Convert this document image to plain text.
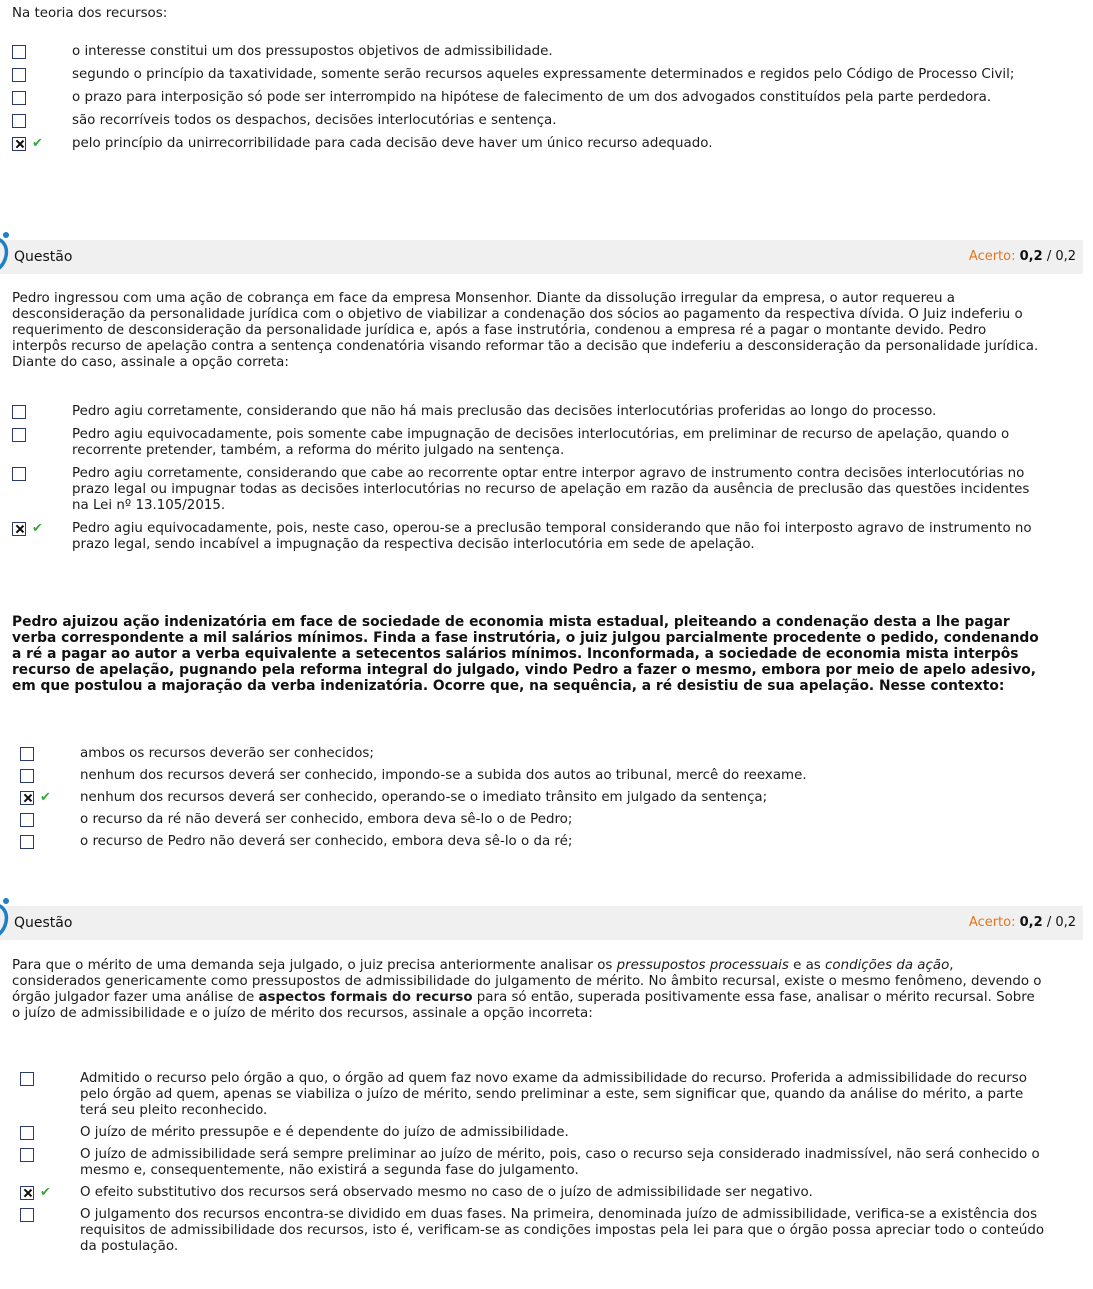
Na teoria dos recursos:
o interesse constitui um dos pressupostos objetivos de admissibilidade.
segundo o princípio da taxatividade, somente serão recursos aqueles expressamente determinados e regidos pelo Código de Processo Civil;
o prazo para interposição só pode ser interrompido na hipótese de falecimento de um dos advogados constituídos pela parte perdedora.
são recorríveis todos os despachos, decisões interlocutórias e sentença.
✔ pelo princípio da unirrecorribilidade para cada decisão deve haver um único recurso adequado.
Questão	Acerto: 0,2 / 0,2
Pedro ingressou com uma ação de cobrança em face da empresa Monsenhor. Diante da dissolução irregular da empresa, o autor requereu a desconsideração da personalidade jurídica com o objetivo de viabilizar a condenação dos sócios ao pagamento da respectiva dívida. O Juiz indeferiu o requerimento de desconsideração da personalidade jurídica e, após a fase instrutória, condenou a empresa ré a pagar o montante devido. Pedro interpôs recurso de apelação contra a sentença condenatória visando reformar tão a decisão que indeferiu a desconsideração da personalidade jurídica. Diante do caso, assinale a opção correta:
Pedro agiu corretamente, considerando que não há mais preclusão das decisões interlocutórias proferidas ao longo do processo.
Pedro agiu equivocadamente, pois somente cabe impugnação de decisões interlocutórias, em preliminar de recurso de apelação, quando o recorrente pretender, também, a reforma do mérito julgado na sentença.
Pedro agiu corretamente, considerando que cabe ao recorrente optar entre interpor agravo de instrumento contra decisões interlocutórias no prazo legal ou impugnar todas as decisões interlocutórias no recurso de apelação em razão da ausência de preclusão das questões incidentes na Lei nº 13.105/2015.
✔ Pedro agiu equivocadamente, pois, neste caso, operou-se a preclusão temporal considerando que não foi interposto agravo de instrumento no prazo legal, sendo incabível a impugnação da respectiva decisão interlocutória em sede de apelação.
Pedro ajuizou ação indenizatória em face de sociedade de economia mista estadual, pleiteando a condenação desta a lhe pagar verba correspondente a mil salários mínimos. Finda a fase instrutória, o juiz julgou parcialmente procedente o pedido, condenando a ré a pagar ao autor a verba equivalente a setecentos salários mínimos. Inconformada, a sociedade de economia mista interpôs recurso de apelação, pugnando pela reforma integral do julgado, vindo Pedro a fazer o mesmo, embora por meio de apelo adesivo, em que postulou a majoração da verba indenizatória. Ocorre que, na sequência, a ré desistiu de sua apelação. Nesse contexto:
ambos os recursos deverão ser conhecidos;
nenhum dos recursos deverá ser conhecido, impondo-se a subida dos autos ao tribunal, mercê do reexame.
✔ nenhum dos recursos deverá ser conhecido, operando-se o imediato trânsito em julgado da sentença;
o recurso da ré não deverá ser conhecido, embora deva sê-lo o de Pedro;
o recurso de Pedro não deverá ser conhecido, embora deva sê-lo o da ré;
Questão	Acerto: 0,2 / 0,2
Para que o mérito de uma demanda seja julgado, o juiz precisa anteriormente analisar os pressupostos processuais e as condições da ação, considerados genericamente como pressupostos de admissibilidade do julgamento de mérito. No âmbito recursal, existe o mesmo fenômeno, devendo o órgão julgador fazer uma análise de aspectos formais do recurso para só então, superada positivamente essa fase, analisar o mérito recursal. Sobre o juízo de admissibilidade e o juízo de mérito dos recursos, assinale a opção incorreta:
Admitido o recurso pelo órgão a quo, o órgão ad quem faz novo exame da admissibilidade do recurso. Proferida a admissibilidade do recurso pelo órgão ad quem, apenas se viabiliza o juízo de mérito, sendo preliminar a este, sem significar que, quando da análise do mérito, a parte terá seu pleito reconhecido.
O juízo de mérito pressupõe e é dependente do juízo de admissibilidade.
O juízo de admissibilidade será sempre preliminar ao juízo de mérito, pois, caso o recurso seja considerado inadmissível, não será conhecido o mesmo e, consequentemente, não existirá a segunda fase do julgamento.
✔ O efeito substitutivo dos recursos será observado mesmo no caso de o juízo de admissibilidade ser negativo.
O julgamento dos recursos encontra-se dividido em duas fases. Na primeira, denominada juízo de admissibilidade, verifica-se a existência dos requisitos de admissibilidade dos recursos, isto é, verificam-se as condições impostas pela lei para que o órgão possa apreciar todo o conteúdo da postulação.
